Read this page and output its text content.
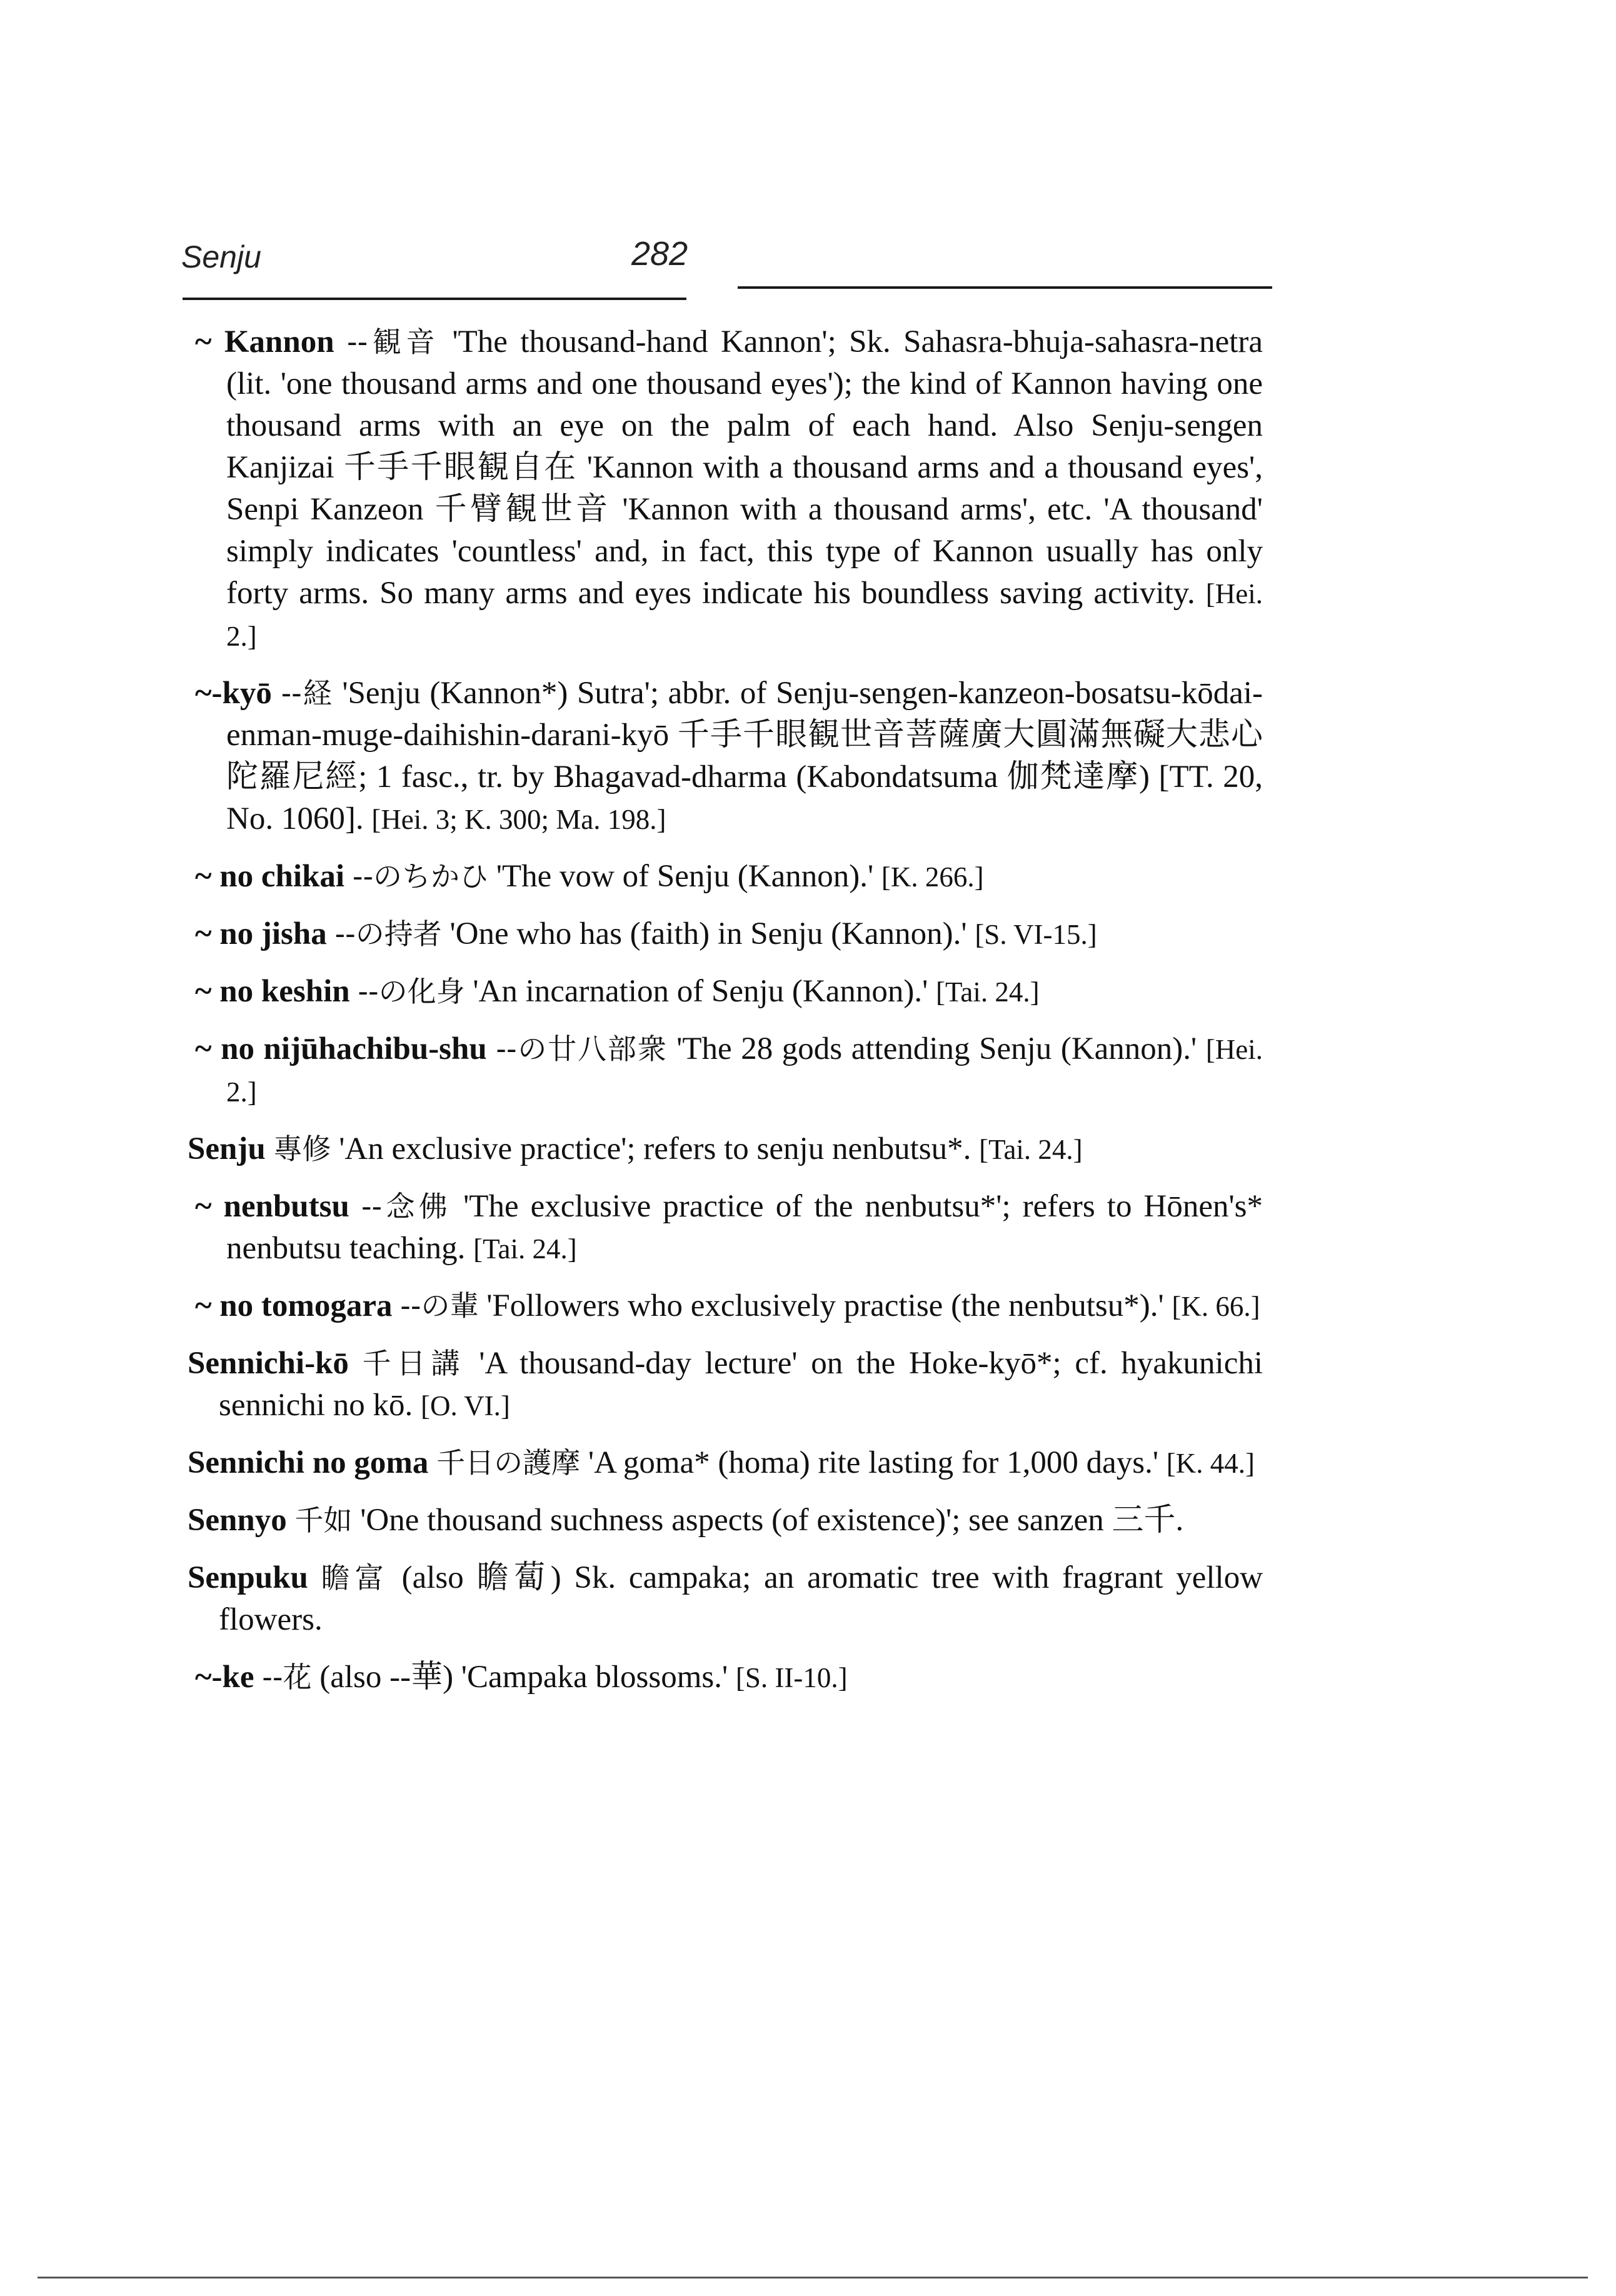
Senju	282

~ Kannon --観音 'The thousand-hand Kannon'; Sk. Sahasra-bhuja-sahasra-netra (lit. 'one thousand arms and one thousand eyes'); the kind of Kannon having one thousand arms with an eye on the palm of each hand. Also Senju-sengen Kanjizai 千手千眼観自在 'Kannon with a thousand arms and a thousand eyes', Senpi Kanzeon 千臂観世音 'Kannon with a thousand arms', etc. 'A thousand' simply indicates 'countless' and, in fact, this type of Kannon usually has only forty arms. So many arms and eyes indicate his boundless saving activity. [Hei. 2.]

~-kyō --経 'Senju (Kannon*) Sutra'; abbr. of Senju-sengen-kanzeon-bosatsu-kōdai-enman-muge-daihishin-darani-kyō 千手千眼観世音菩薩廣大圓滿無礙大悲心陀羅尼經; 1 fasc., tr. by Bhagavad-dharma (Kabondatsuma 伽梵達摩) [TT. 20, No. 1060]. [Hei. 3; K. 300; Ma. 198.]

~ no chikai --のちかひ 'The vow of Senju (Kannon).' [K. 266.]

~ no jisha --の持者 'One who has (faith) in Senju (Kannon).' [S. VI-15.]

~ no keshin --の化身 'An incarnation of Senju (Kannon).' [Tai. 24.]

~ no nijūhachibu-shu --の廿八部衆 'The 28 gods attending Senju (Kannon).' [Hei. 2.]

Senju 專修 'An exclusive practice'; refers to senju nenbutsu*. [Tai. 24.]

~ nenbutsu --念佛 'The exclusive practice of the nenbutsu*'; refers to Hōnen's* nenbutsu teaching. [Tai. 24.]

~ no tomogara --の輩 'Followers who exclusively practise (the nenbutsu*).' [K. 66.]

Sennichi-kō 千日講 'A thousand-day lecture' on the Hoke-kyō*; cf. hyakunichi sennichi no kō. [O. VI.]

Sennichi no goma 千日の護摩 'A goma* (homa) rite lasting for 1,000 days.' [K. 44.]

Sennyo 千如 'One thousand suchness aspects (of existence)'; see sanzen 三千.

Senpuku 瞻富 (also 瞻蔔) Sk. campaka; an aromatic tree with fragrant yellow flowers.

~-ke --花 (also --華) 'Campaka blossoms.' [S. II-10.]
